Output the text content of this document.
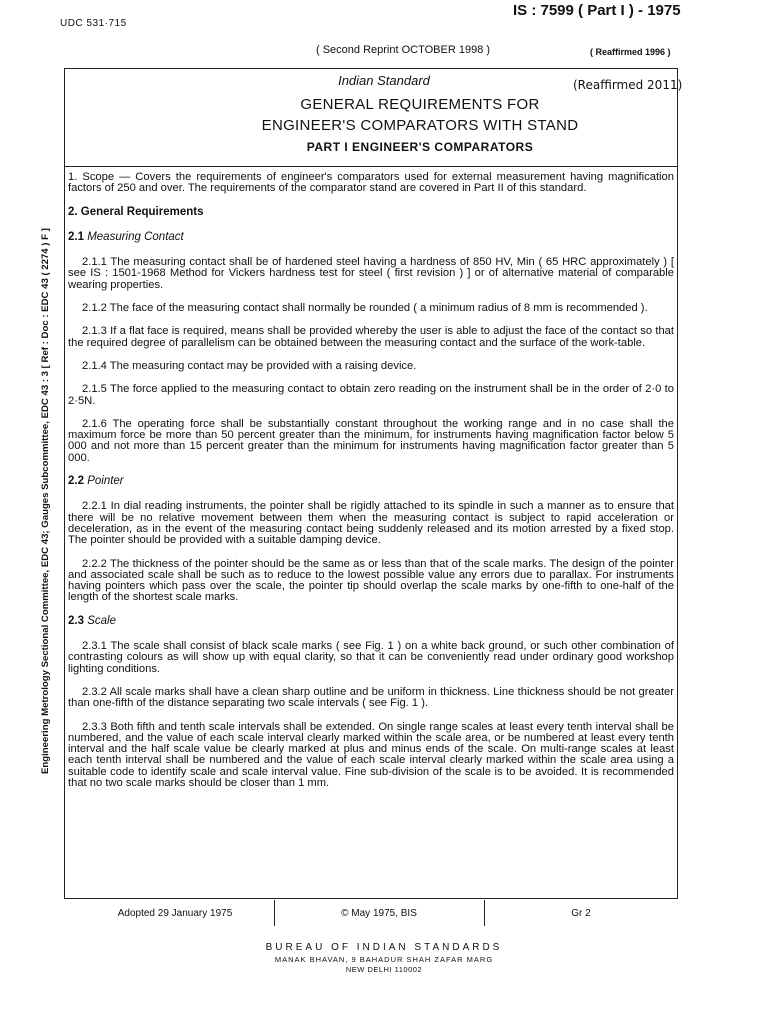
UDC 531·715
IS : 7599 ( Part I ) - 1975
( Second Reprint OCTOBER 1998 )	( Reaffirmed 1996 )
Indian Standard	(Reaffirmed 2011)
GENERAL REQUIREMENTS FOR
ENGINEER'S COMPARATORS WITH STAND
PART I ENGINEER'S COMPARATORS
Engineering Metrology Sectional Committee, EDC 43; Gauges Subcommittee, EDC 43 : 3 [ Ref : Doc : EDC 43 ( 2274 ) F ]

1. Scope — Covers the requirements of engineer's comparators used for external measurement having magnification factors of 250 and over. The requirements of the comparator stand are covered in Part II of this standard.

2. General Requirements
2.1 Measuring Contact

2.1.1 The measuring contact shall be of hardened steel having a hardness of 850 HV, Min ( 65 HRC approximately ) [ see IS : 1501-1968 Method for Vickers hardness test for steel ( first revision ) ] or of alternative material of comparable wearing properties.

2.1.2 The face of the measuring contact shall normally be rounded ( a minimum radius of 8 mm is recommended ).

2.1.3 If a flat face is required, means shall be provided whereby the user is able to adjust the face of the contact so that the required degree of parallelism can be obtained between the measuring contact and the surface of the work-table.

2.1.4 The measuring contact may be provided with a raising device.

2.1.5 The force applied to the measuring contact to obtain zero reading on the instrument shall be in the order of 2·0 to 2·5N.

2.1.6 The operating force shall be substantially constant throughout the working range and in no case shall the maximum force be more than 50 percent greater than the minimum, for instruments having magnification factor below 5 000 and not more than 15 percent greater than the minimum for instruments having magnification factor greater than 5 000.

2.2 Pointer

2.2.1 In dial reading instruments, the pointer shall be rigidly attached to its spindle in such a manner as to ensure that there will be no relative movement between them when the measuring contact is subject to rapid acceleration or deceleration, as in the event of the measuring contact being suddenly released and its motion arrested by a fixed stop. The pointer should be provided with a suitable damping device.

2.2.2 The thickness of the pointer should be the same as or less than that of the scale marks. The design of the pointer and associated scale shall be such as to reduce to the lowest possible value any errors due to parallax. For instruments having pointers which pass over the scale, the pointer tip should overlap the scale marks by one-fifth to one-half of the length of the shortest scale marks.

2.3 Scale

2.3.1 The scale shall consist of black scale marks ( see Fig. 1 ) on a white back ground, or such other combination of contrasting colours as will show up with equal clarity, so that it can be conveniently read under ordinary good workshop lighting conditions.

2.3.2 All scale marks shall have a clean sharp outline and be uniform in thickness. Line thickness should be not greater than one-fifth of the distance separating two scale intervals ( see Fig. 1 ).

2.3.3 Both fifth and tenth scale intervals shall be extended. On single range scales at least every tenth interval shall be numbered, and the value of each scale interval clearly marked within the scale area, or be numbered at least every tenth interval and the half scale value be clearly marked at plus and minus ends of the scale. On multi-range scales at least each tenth interval shall be numbered and the value of each scale interval clearly marked within the scale area using a suitable code to identify scale and scale interval value. Fine sub-division of the scale is to be avoided. It is recommended that no two scale marks should be closer than 1 mm.

Adopted 29 January 1975	© May 1975, BIS	Gr 2
BUREAU OF INDIAN STANDARDS
MANAK BHAVAN, 9 BAHADUR SHAH ZAFAR MARG
NEW DELHI 110002
